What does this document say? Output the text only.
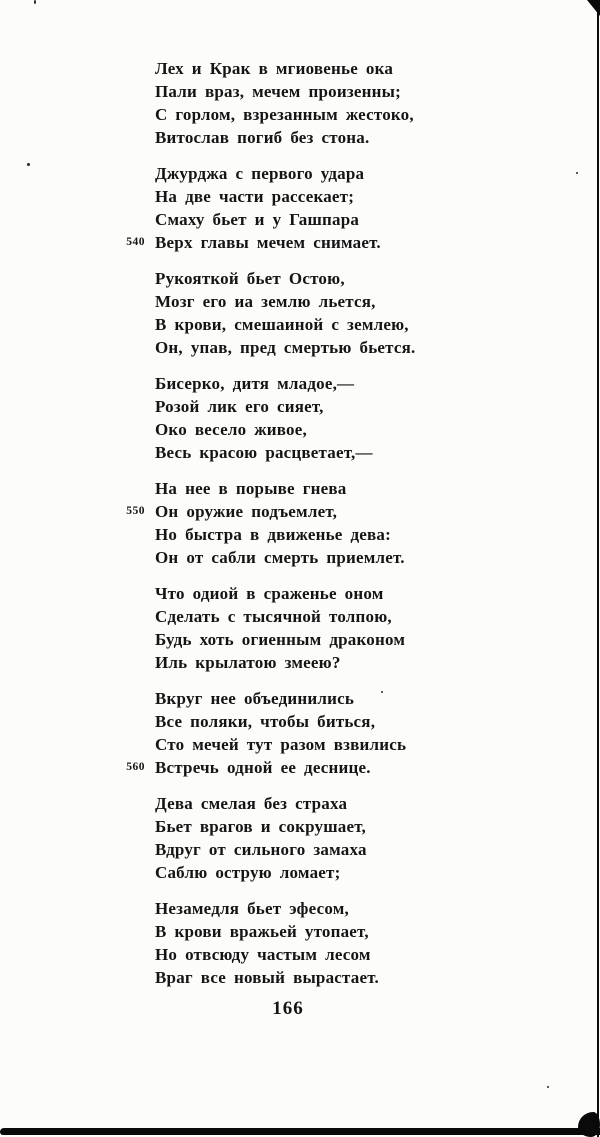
Лех и Крак в мгиовенье ока
Пали враз, мечем произенны;
С горлом, взрезанным жестоко,
Витослав погиб без стона.
Джурджа с первого удара
На две части рассекает;
Смаху бьет и у Гашпара
540 Верх главы мечем снимает.
Рукояткой бьет Остою,
Мозг его иа землю льется,
В крови, смешаиной с землею,
Он, упав, пред смертью бьется.
Бисерко, дитя младое,—
Розой лик его сияет,
Око весело живое,
Весь красою расцветает,—
На нее в порыве гнева
550 Он оружие подъемлет,
Но быстра в движенье дева:
Он от сабли смерть приемлет.
Что одиой в сраженье оном
Сделать с тысячной толпою,
Будь хоть огиенным драконом
Иль крылатою змеею?
Вкруг нее объединились
Все поляки, чтобы биться,
Сто мечей тут разом взвились
560 Встречь одной ее деснице.
Дева смелая без страха
Бьет врагов и сокрушает,
Вдруг от сильного замаха
Саблю острую ломает;
Незамедля бьет эфесом,
В крови вражьей утопает,
Но отвсюду частым лесом
Враг все новый вырастает.
166
